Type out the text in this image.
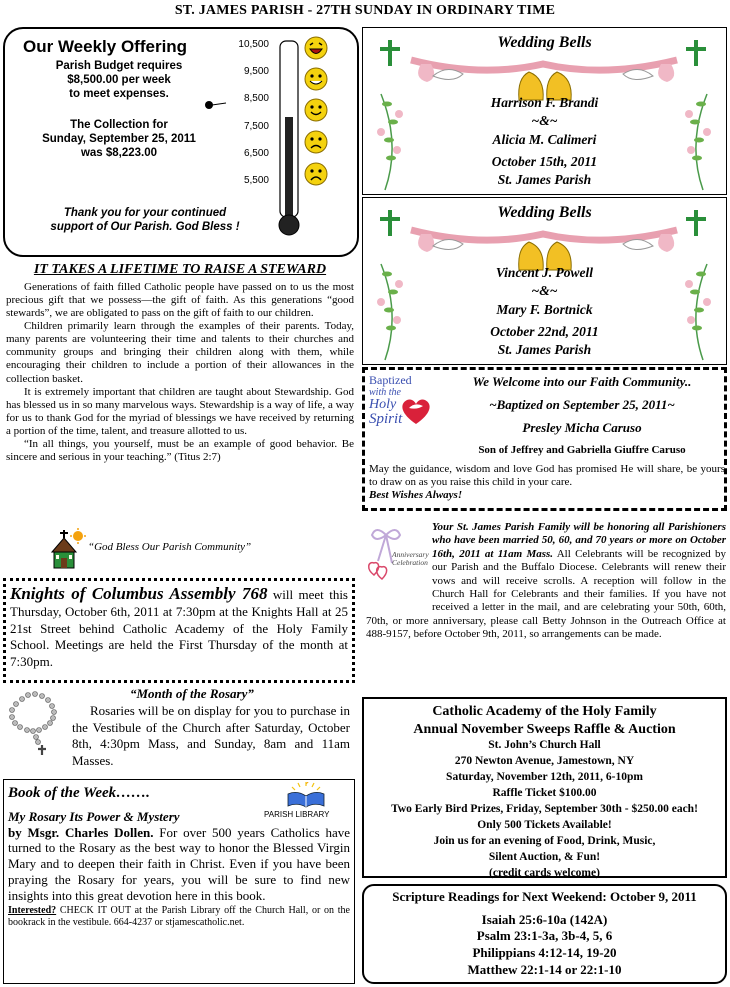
ST. JAMES PARISH - 27TH SUNDAY IN ORDINARY TIME
Our Weekly Offering
Parish Budget requires
$8,500.00 per week
to meet expenses.
The Collection for
Sunday, September 25, 2011
was $8,223.00
10,500
9,500
8,500
7,500
6,500
5,500
Thank you for your continued
support of Our Parish. God Bless !
IT TAKES A LIFETIME TO RAISE A STEWARD

Generations of faith filled Catholic people have passed on to us the most precious gift that we possess—the gift of faith. As this generations “good stewards”, we are obligated to pass on the gift of faith to our children.

Children primarily learn through the examples of their parents. Today, many parents are volunteering their time and talents to their churches and community groups and bringing their children along with them, while encouraging their children to include a portion of their allowances in the collection basket.

It is extremely important that children are taught about Stewardship. God has blessed us in so many marvelous ways. Stewardship is a way of life, a way for us to thank God for the myriad of blessings we have received by returning a portion of the time, talent, and treasure allotted to us.

“In all things, you yourself, must be an example of good behavior. Be sincere and serious in your teaching.” (Titus 2:7)

“God Bless Our Parish Community”
Knights of Columbus Assembly 768 will meet this Thursday, October 6th, 2011 at 7:30pm at the Knights Hall at 25 21st Street behind Catholic Academy of the Holy Family School. Meetings are held the First Thursday of the month at 7:30pm.
“Month of the Rosary”
Rosaries will be on display for you to purchase in the Vestibule of the Church after Saturday, October 8th, 4:30pm Mass, and Sunday, 8am and 11am Masses.
Book of the Week…….
PARISH LIBRARY
My Rosary Its Power & Mystery
by Msgr. Charles Dollen. For over 500 years Catholics have turned to the Rosary as the best way to honor the Blessed Virgin Mary and to deepen their faith in Christ. Even if you have been praying the Rosary for years, you will be sure to find new insights into this great devotion here in this book.
Interested? CHECK IT OUT at the Parish Library off the Church Hall, or on the bookrack in the vestibule. 664-4237 or stjamescatholic.net.
Wedding Bells
Harrison F. Brandi
~&~
Alicia M. Calimeri
October 15th, 2011
St. James Parish
Wedding Bells
Vincent J. Powell
~&~
Mary F. Bortnick
October 22nd, 2011
St. James Parish
Baptized
with the
Holy
Spirit
We Welcome into our Faith Community..
~Baptized on September 25, 2011~
Presley Micha Caruso
Son of Jeffrey and Gabriella Giuffre Caruso
May the guidance, wisdom and love God has promised He will share, be yours to draw on as you raise this child in your care.
Best Wishes Always!
Anniversary
Celebration
Your St. James Parish Family will be honoring all Parishioners who have been married 50, 60, and 70 years or more on October 16th, 2011 at 11am Mass. All Celebrants will be recognized by our Parish and the Buffalo Diocese. Celebrants will renew their vows and will receive scrolls. A reception will follow in the Church Hall for Celebrants and their families. If you have not received a letter in the mail, and are celebrating your 50th, 60th, 70th, or more anniversary, please call Betty Johnson in the Outreach Office at 488-9157, before October 9th, 2011, so arrangements can be made.
Catholic Academy of the Holy Family
Annual November Sweeps Raffle & Auction
St. John’s Church Hall
270 Newton Avenue, Jamestown, NY
Saturday, November 12th, 2011, 6-10pm
Raffle Ticket $100.00
Two Early Bird Prizes, Friday, September 30th - $250.00 each!
Only 500 Tickets Available!
Join us for an evening of Food, Drink, Music,
Silent Auction, & Fun!
(credit cards welcome)
Scripture Readings for Next Weekend: October 9, 2011
Isaiah 25:6-10a (142A)
Psalm 23:1-3a, 3b-4, 5, 6
Philippians 4:12-14, 19-20
Matthew 22:1-14 or 22:1-10
